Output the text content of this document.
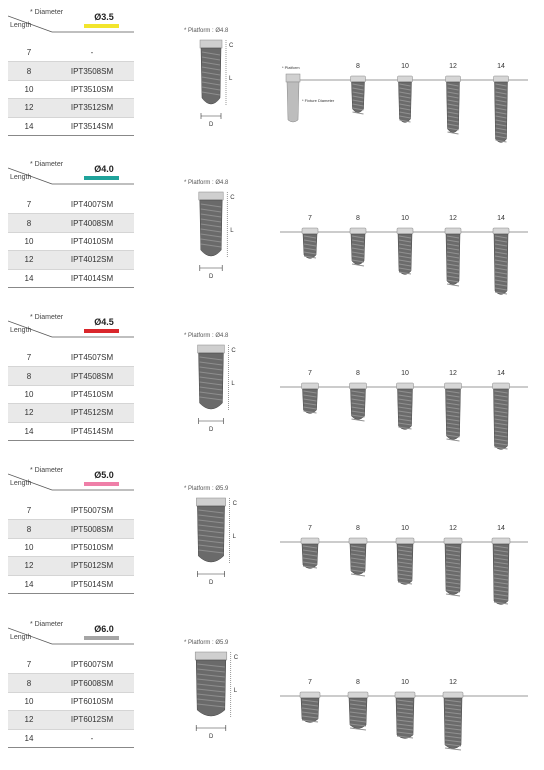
* Diameter
Length
Ø3.5
7	-
8	IPT3508SM
10	IPT3510SM
12	IPT3512SM
14	IPT3514SM
* Platform : Ø4.8
C
L
D
8	10	12	14
* Platform
* Fixture Diameter
* Diameter
Length
Ø4.0
7	IPT4007SM
8	IPT4008SM
10	IPT4010SM
12	IPT4012SM
14	IPT4014SM
* Platform : Ø4.8
C
L
D
7	8	10	12	14
* Diameter
Length
Ø4.5
7	IPT4507SM
8	IPT4508SM
10	IPT4510SM
12	IPT4512SM
14	IPT4514SM
* Platform : Ø4.8
C
L
D
7	8	10	12	14
* Diameter
Length
Ø5.0
7	IPT5007SM
8	IPT5008SM
10	IPT5010SM
12	IPT5012SM
14	IPT5014SM
* Platform : Ø5.9
C
L
D
7	8	10	12	14
* Diameter
Length
Ø6.0
7	IPT6007SM
8	IPT6008SM
10	IPT6010SM
12	IPT6012SM
14	-
* Platform : Ø5.9
C
L
D
7	8	10	12
